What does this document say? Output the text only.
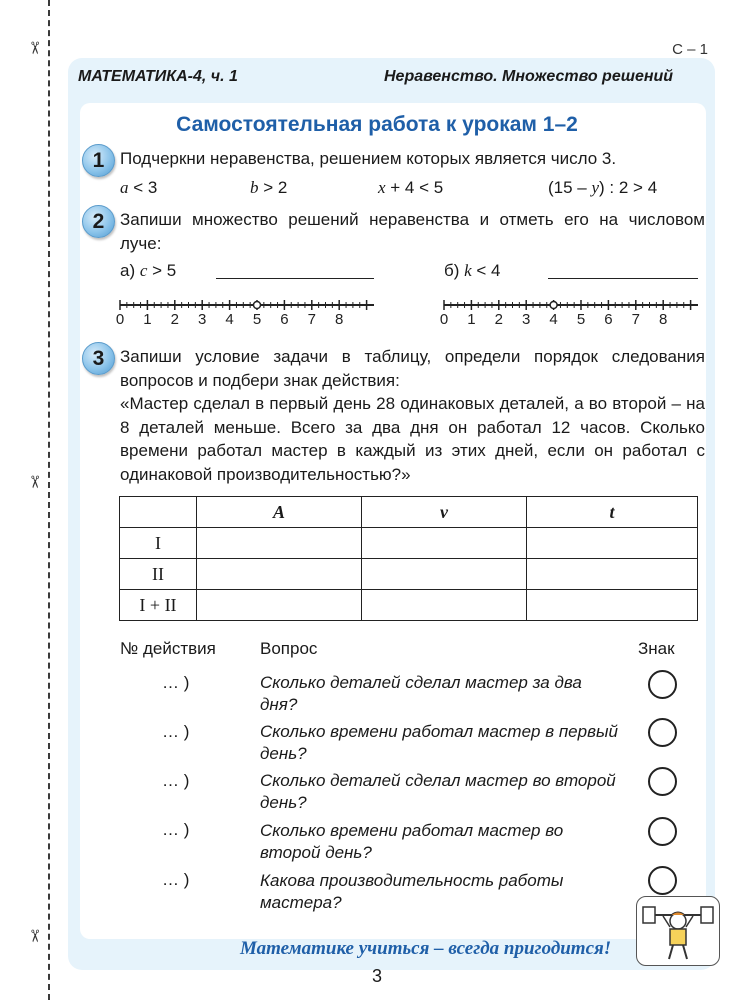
✂
✂
✂
С – 1
МАТЕМАТИКА-4, ч. 1	Неравенство. Множество решений
Самостоятельная работа к урокам 1–2
1 Подчеркни неравенства, решением которых является число 3.
a < 3	b > 2	x + 4 < 5	(15 – y) : 2 > 4
2 Запиши множество решений неравенства и отметь его на числовом луче:
а) c > 5	б) k < 4
0 1 2 3 4 5 6 7 8	0 1 2 3 4 5 6 7 8
3 Запиши условие задачи в таблицу, определи порядок следования вопросов и подбери знак действия:
«Мастер сделал в первый день 28 одинаковых деталей, а во второй – на 8 деталей меньше. Всего за два дня он работал 12 часов. Сколько времени работал мастер в каждый из этих дней, если он работал с одинаковой производительностью?»
	A	v	t
I			
II			
I + II			
№ действия	Вопрос	Знак
… )	Сколько деталей сделал мастер за два дня?
… )	Сколько времени работал мастер в первый день?
… )	Сколько деталей сделал мастер во второй день?
… )	Сколько времени работал мастер во второй день?
… )	Какова производительность работы мастера?
Математике учиться – всегда пригодится!
3
